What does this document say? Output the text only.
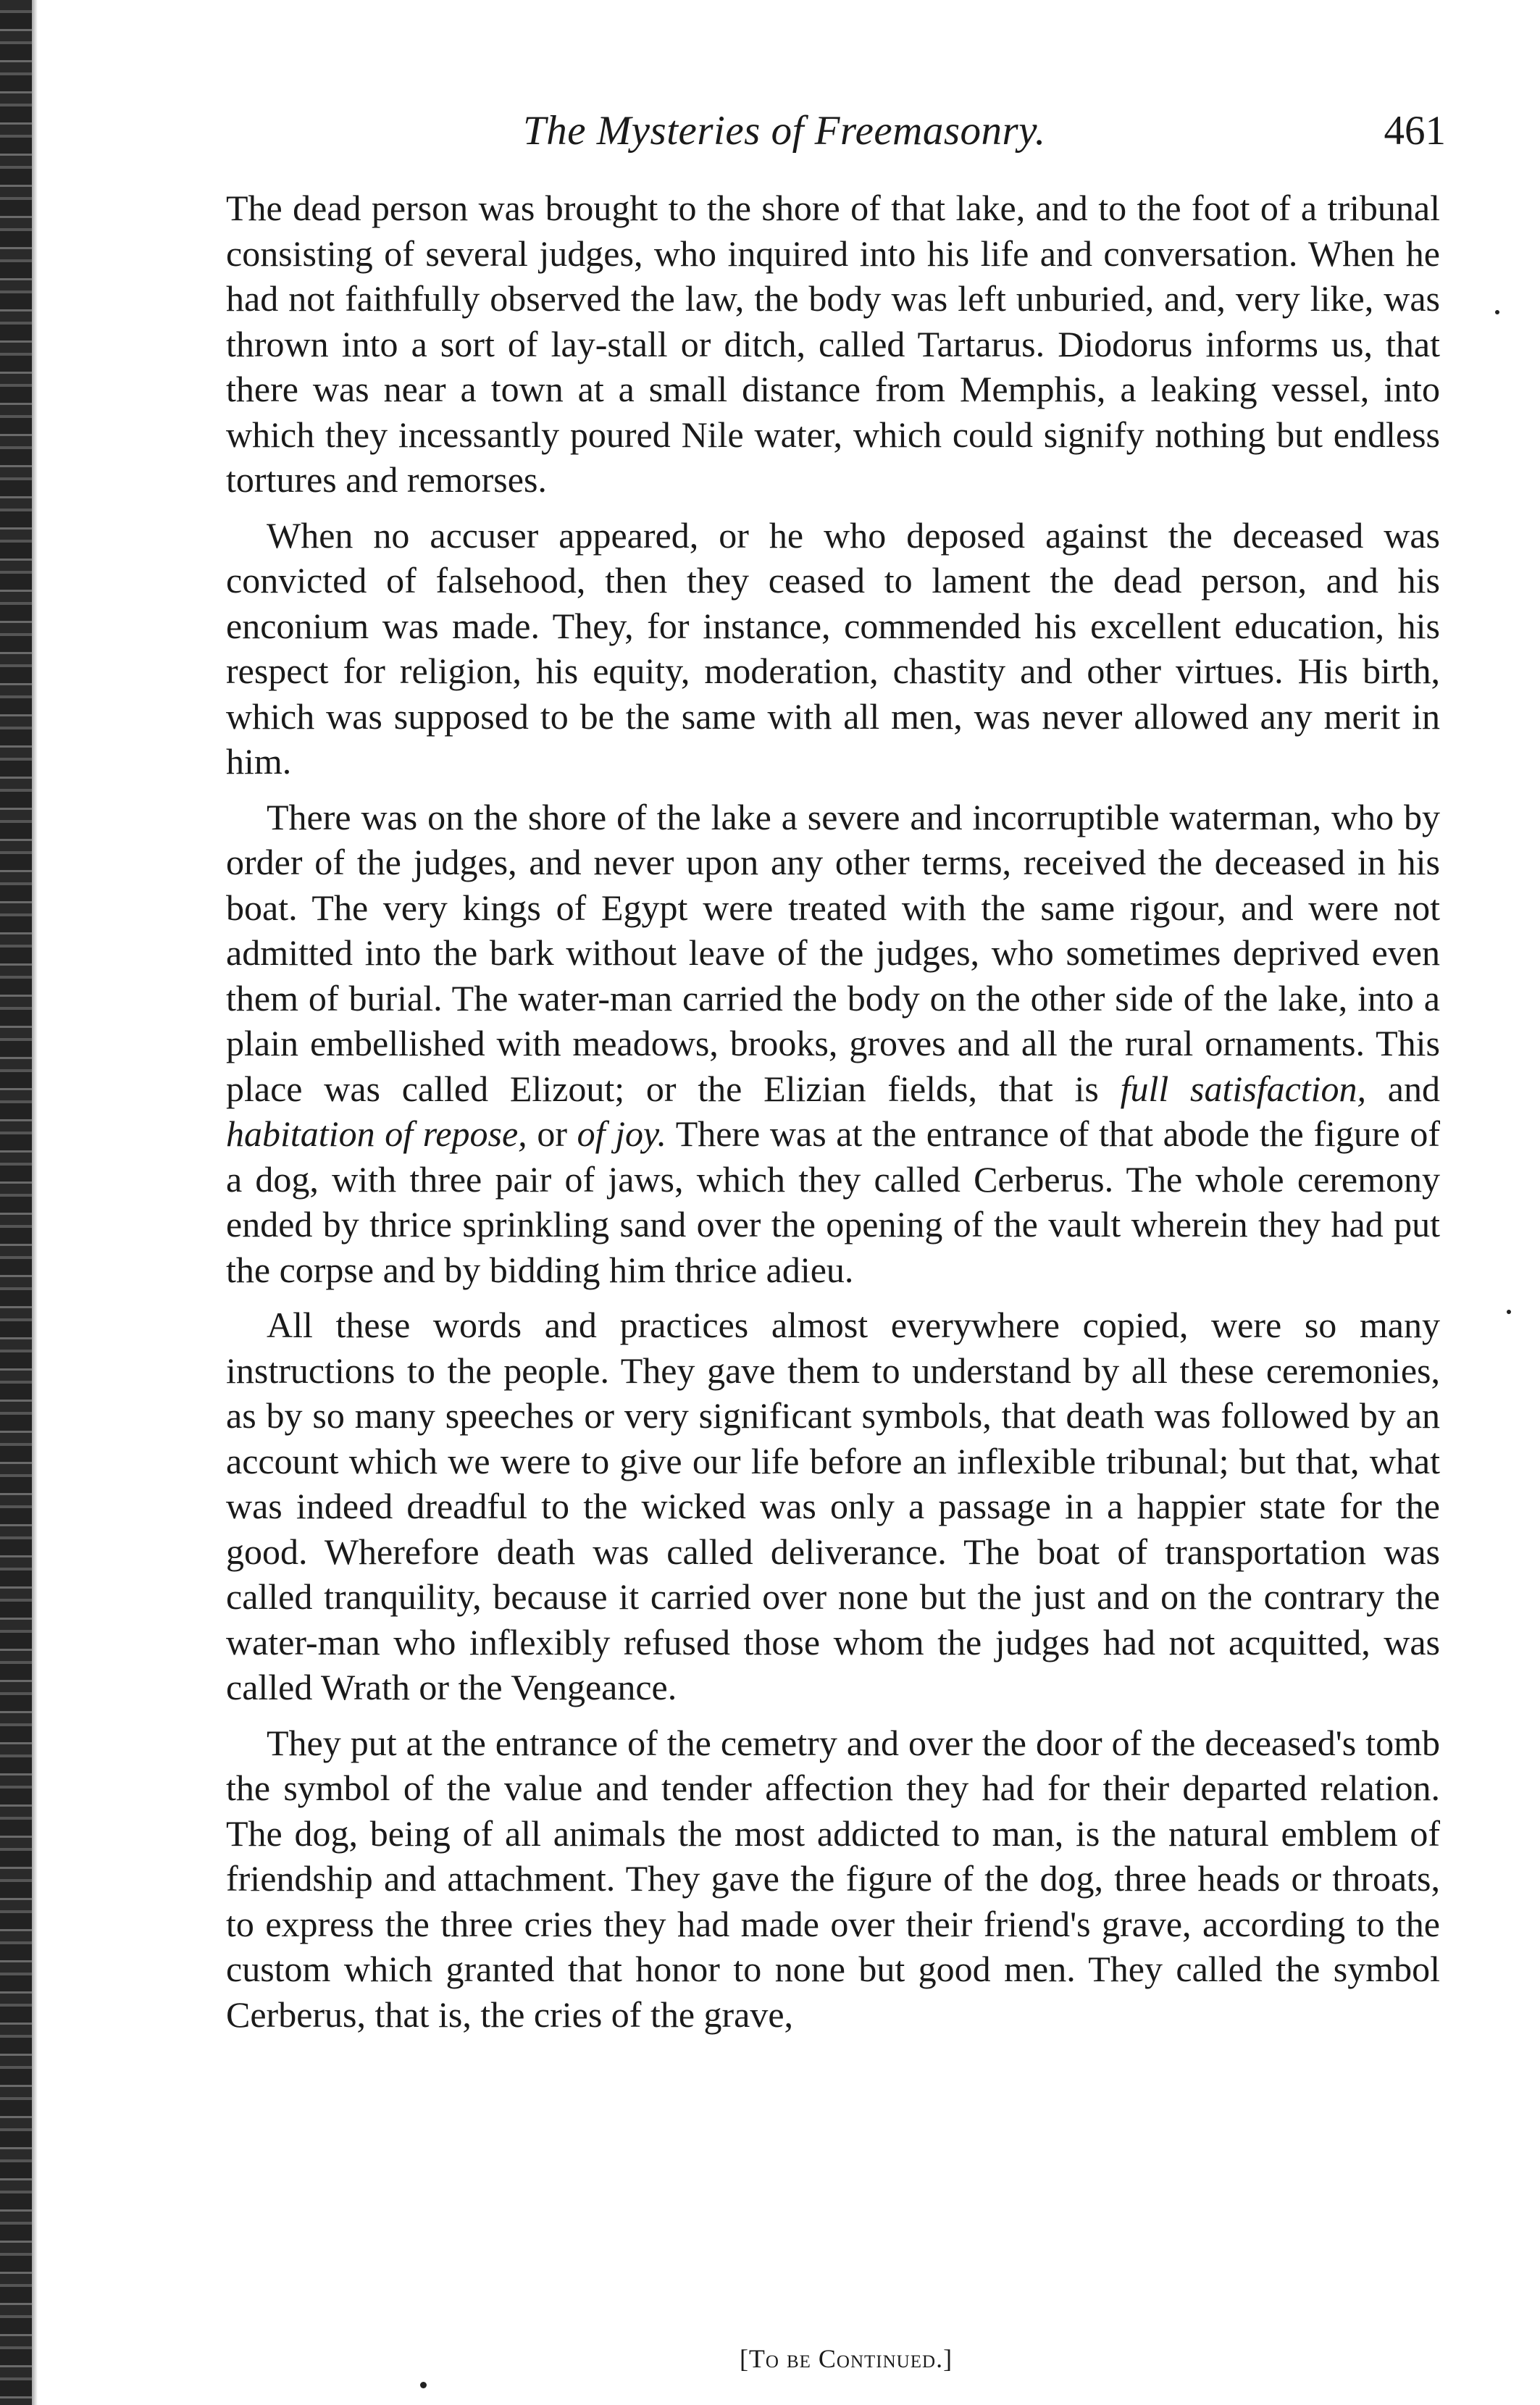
The Mysteries of Freemasonry.	461

The dead person was brought to the shore of that lake, and to the foot of a tribunal consisting of several judges, who inquired into his life and conversation. When he had not faithfully observed the law, the body was left unburied, and, very like, was thrown into a sort of lay-stall or ditch, called Tartarus. Diodorus informs us, that there was near a town at a small distance from Memphis, a leaking vessel, into which they incessantly poured Nile water, which could signify nothing but endless tortures and remorses.

When no accuser appeared, or he who deposed against the deceased was convicted of falsehood, then they ceased to lament the dead person, and his enconium was made. They, for instance, commended his excellent education, his respect for religion, his equity, moderation, chastity and other virtues. His birth, which was supposed to be the same with all men, was never allowed any merit in him.

There was on the shore of the lake a severe and incorruptible waterman, who by order of the judges, and never upon any other terms, received the deceased in his boat. The very kings of Egypt were treated with the same rigour, and were not admitted into the bark without leave of the judges, who sometimes deprived even them of burial. The water-man carried the body on the other side of the lake, into a plain embellished with meadows, brooks, groves and all the rural ornaments. This place was called Elizout; or the Elizian fields, that is full satisfaction, and habitation of repose, or of joy. There was at the entrance of that abode the figure of a dog, with three pair of jaws, which they called Cerberus. The whole ceremony ended by thrice sprinkling sand over the opening of the vault wherein they had put the corpse and by bidding him thrice adieu.

All these words and practices almost everywhere copied, were so many instructions to the people. They gave them to understand by all these ceremonies, as by so many speeches or very significant symbols, that death was followed by an account which we were to give our life before an inflexible tribunal; but that, what was indeed dreadful to the wicked was only a passage in a happier state for the good. Wherefore death was called deliverance. The boat of transportation was called tranquility, because it carried over none but the just and on the contrary the water-man who inflexibly refused those whom the judges had not acquitted, was called Wrath or the Vengeance.

They put at the entrance of the cemetry and over the door of the deceased's tomb the symbol of the value and tender affection they had for their departed relation. The dog, being of all animals the most addicted to man, is the natural emblem of friendship and attachment. They gave the figure of the dog, three heads or throats, to express the three cries they had made over their friend's grave, according to the custom which granted that honor to none but good men. They called the symbol Cerberus, that is, the cries of the grave,

[To be Continued.]
